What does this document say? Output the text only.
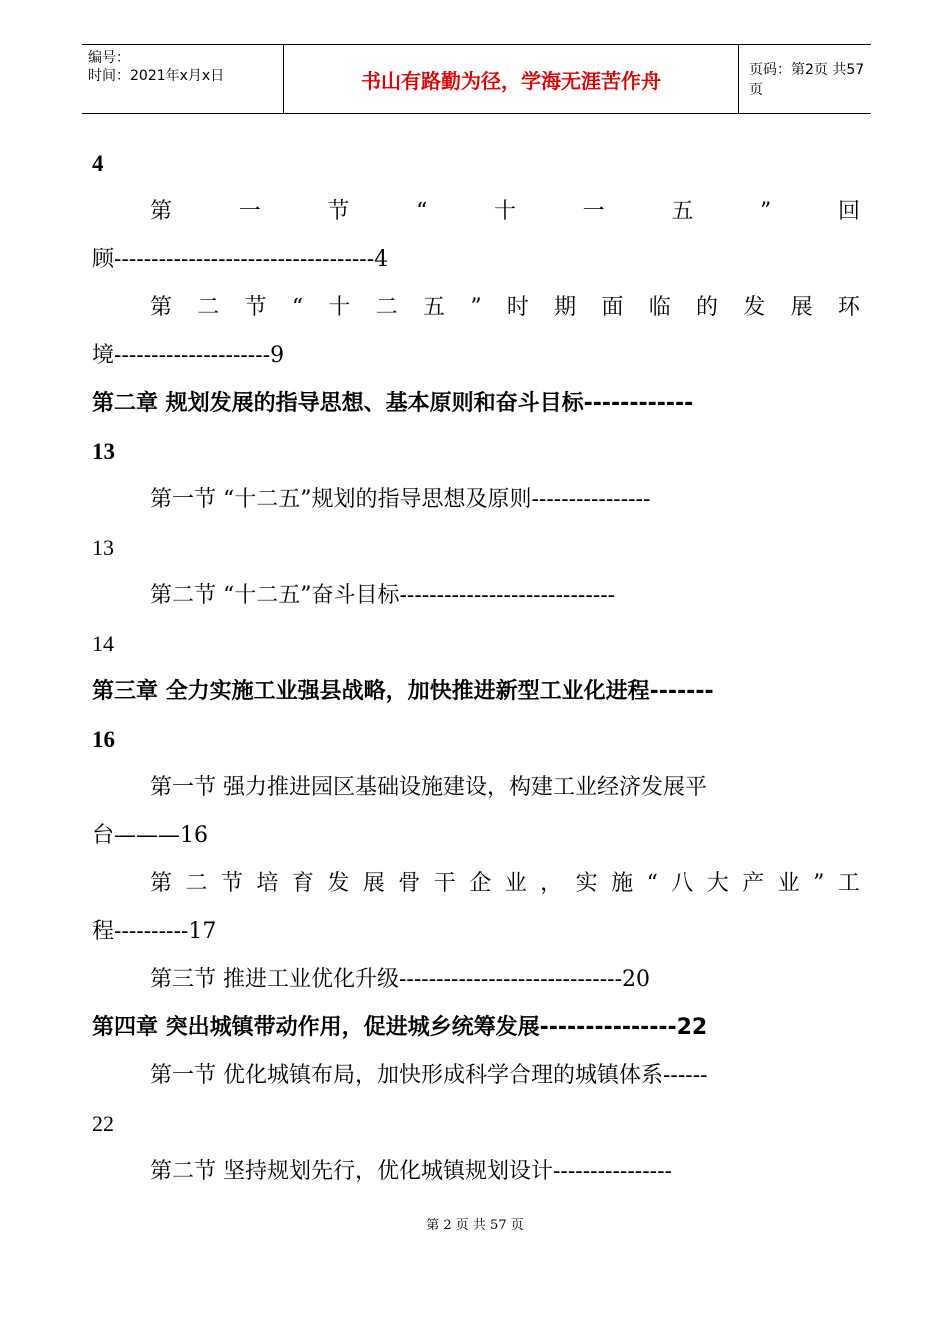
编号：
时间：2021年x月x日	书山有路勤为径，学海无涯苦作舟	页码：第2页 共57页
4
第	一	节	“	十	一	五	”	回
顾-----------------------------------4
第 二 节 “ 十 二 五 ” 时 期 面 临 的 发 展 环
境---------------------9
第二章 规划发展的指导思想、基本原则和奋斗目标------------
13
第一节 “十二五”规划的指导思想及原则----------------
13
第二节 “十二五”奋斗目标-----------------------------
14
第三章 全力实施工业强县战略，加快推进新型工业化进程-------
16
第一节 强力推进园区基础设施建设，构建工业经济发展平
台———16
第 二 节 培 育 发 展 骨 干 企 业 ， 实 施 “ 八 大 产 业 ” 工
程----------17
第三节 推进工业优化升级------------------------------20
第四章 突出城镇带动作用，促进城乡统筹发展---------------22
第一节 优化城镇布局，加快形成科学合理的城镇体系------
22
第二节 坚持规划先行，优化城镇规划设计----------------
第 2 页 共 57 页
